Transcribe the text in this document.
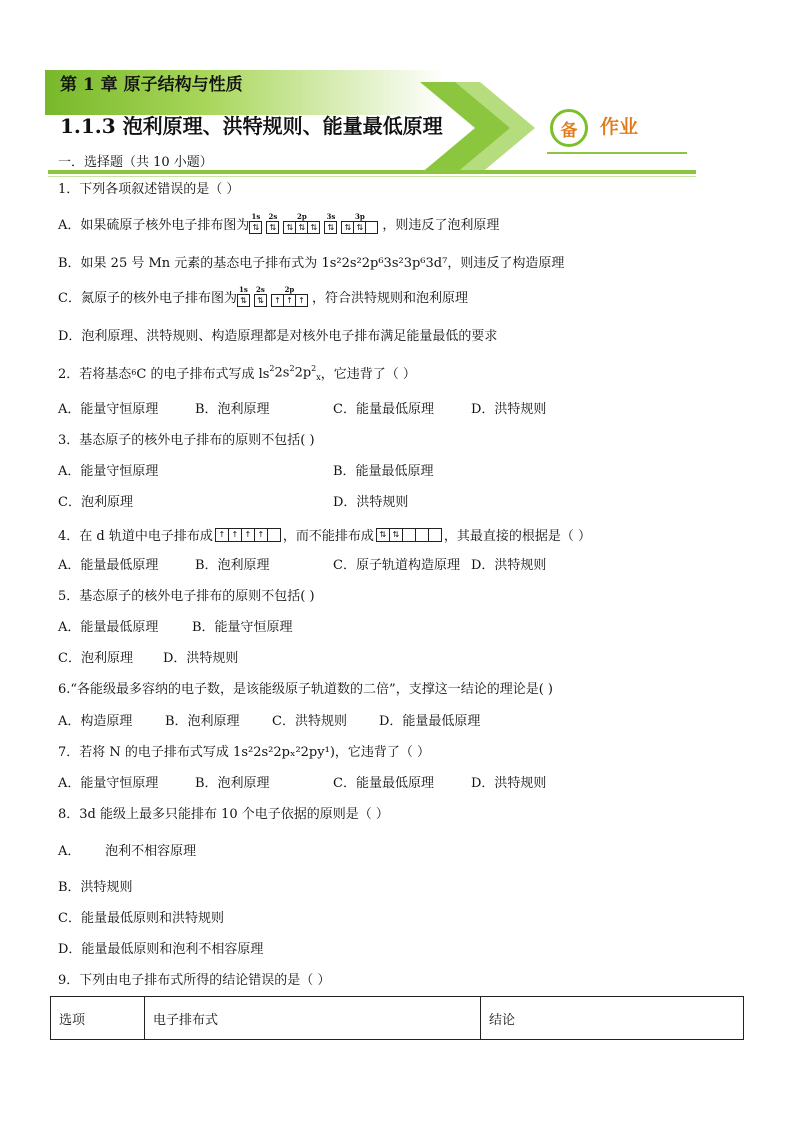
第 1 章 原子结构与性质
1.1.3 泡利原理、洪特规则、能量最低原理	备	作业
一．选择题（共 10 小题）
1．下列各项叙述错误的是（ ）
A．如果硫原子核外电子排布图为
1s
⇅
2s
⇅
2p
⇅ ⇅ ⇅
3s
⇅
3p
⇅ ⇅ ，则违反了泡利原理
B．如果 25 号 Mn 元素的基态电子排布式为 1s²2s²2p⁶3s²3p⁶3d⁷，则违反了构造原理
C．氮原子的核外电子排布图为
1s
⇅
2s
⇅
2p
↑ ↑ ↑ ，符合洪特规则和泡利原理
D．泡利原理、洪特规则、构造原理都是对核外电子排布满足能量最低的要求
2．若将基态 6 C 的电子排布式写成 ls $^22s^22p^2_x$ ，它违背了（ ）
A．能量守恒原理	B．泡利原理	C．能量最低原理	D．洪特规则
3．基态原子的核外电子排布的原则不包括( )
A．能量守恒原理	B．能量最低原理
C．泡利原理	D．洪特规则
4．在 d 轨道中电子排布成 ↑ ↑ ↑ ↑ ，而不能排布成 ⇅ ⇅	，其最直接的根据是（ ）
A．能量最低原理	B．泡利原理	C．原子轨道构造原理 D．洪特规则
5．基态原子的核外电子排布的原则不包括( )
A．能量最低原理	B．能量守恒原理
C．泡利原理 D．洪特规则
6.“各能级最多容纳的电子数，是该能级原子轨道数的二倍”，支撑这一结论的理论是( )
A．构造原理	B．泡利原理 C．洪特规则 D．能量最低原理
7．若将 N 的电子排布式写成 1s²2s²2pₓ²2py¹)，它违背了（ ）
A．能量守恒原理	B．泡利原理	C．能量最低原理	D．洪特规则
8．3d 能级上最多只能排布 10 个电子依据的原则是（ ）
A．      泡利不相容原理
B．洪特规则
C．能量最低原则和洪特规则
D．能量最低原则和泡利不相容原理
9．下列由电子排布式所得的结论错误的是（ ）
选项	电子排布式	结论
